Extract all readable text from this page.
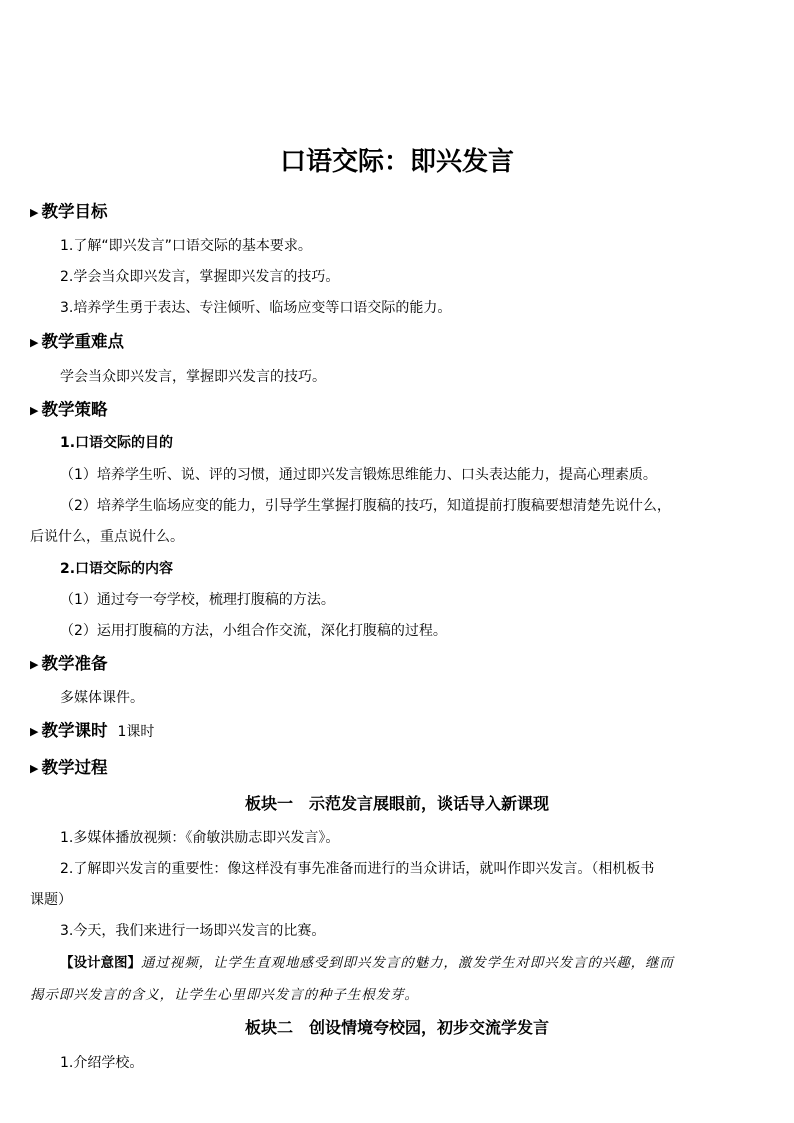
口语交际：即兴发言
▶ 教学目标
1.了解“即兴发言”口语交际的基本要求。
2.学会当众即兴发言，掌握即兴发言的技巧。
3.培养学生勇于表达、专注倾听、临场应变等口语交际的能力。
▶ 教学重难点
学会当众即兴发言，掌握即兴发言的技巧。
▶ 教学策略
1.口语交际的目的
（1）培养学生听、说、评的习惯，通过即兴发言锻炼思维能力、口头表达能力，提高心理素质。
（2）培养学生临场应变的能力，引导学生掌握打腹稿的技巧，知道提前打腹稿要想清楚先说什么，
后说什么，重点说什么。
2.口语交际的内容
（1）通过夸一夸学校，梳理打腹稿的方法。
（2）运用打腹稿的方法，小组合作交流，深化打腹稿的过程。
▶ 教学准备
多媒体课件。
▶ 教学课时 1课时
▶ 教学过程
板块一　示范发言展眼前，谈话导入新课现
1.多媒体播放视频：《俞敏洪励志即兴发言》。
2.了解即兴发言的重要性：像这样没有事先准备而进行的当众讲话，就叫作即兴发言。（相机板书
课题）
3.今天，我们来进行一场即兴发言的比赛。
【设计意图】通过视频，让学生直观地感受到即兴发言的魅力，激发学生对即兴发言的兴趣，继而
揭示即兴发言的含义，让学生心里即兴发言的种子生根发芽。
板块二　创设情境夸校园，初步交流学发言
1.介绍学校。
